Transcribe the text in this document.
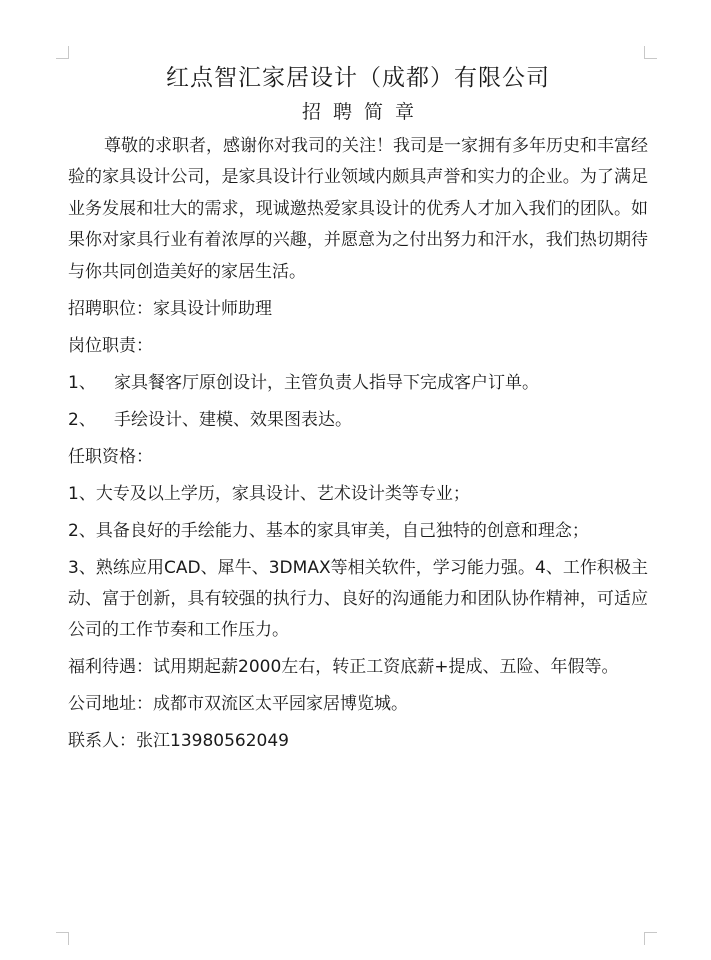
红点智汇家居设计（成都）有限公司
招聘简章

尊敬的求职者，感谢你对我司的关注！我司是一家拥有多年历史和丰富经验的家具设计公司，是家具设计行业领域内颇具声誉和实力的企业。为了满足业务发展和壮大的需求，现诚邀热爱家具设计的优秀人才加入我们的团队。如果你对家具行业有着浓厚的兴趣，并愿意为之付出努力和汗水，我们热切期待与你共同创造美好的家居生活。

招聘职位：家具设计师助理
岗位职责：
1、 家具餐客厅原创设计，主管负责人指导下完成客户订单。
2、 手绘设计、建模、效果图表达。
任职资格：
1、大专及以上学历，家具设计、艺术设计类等专业；
2、具备良好的手绘能力、基本的家具审美，自己独特的创意和理念；
3、熟练应用CAD、犀牛、3DMAX等相关软件，学习能力强。4、工作积极主动、富于创新，具有较强的执行力、良好的沟通能力和团队协作精神，可适应公司的工作节奏和工作压力。
福利待遇：试用期起薪2000左右，转正工资底薪+提成、五险、年假等。
公司地址：成都市双流区太平园家居博览城。
联系人：张江13980562049
